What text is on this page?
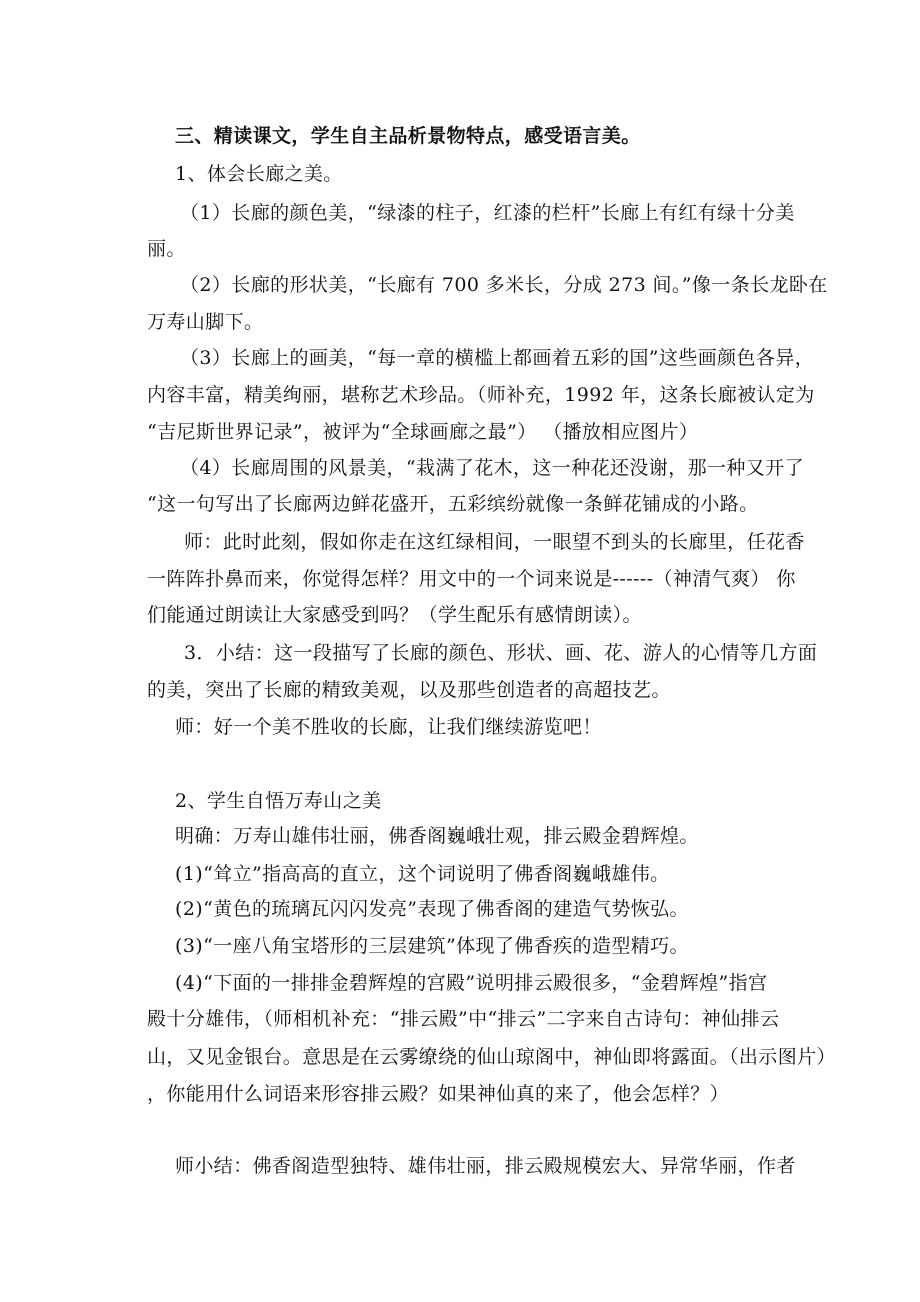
三、精读课文，学生自主品析景物特点，感受语言美。
1、体会长廊之美。
（1）长廊的颜色美，“绿漆的柱子，红漆的栏杆”长廊上有红有绿十分美
丽。
（2）长廊的形状美，“长廊有 700 多米长，分成 273 间。”像一条长龙卧在
万寿山脚下。
（3）长廊上的画美，“每一章的横槛上都画着五彩的国”这些画颜色各异，
内容丰富，精美绚丽，堪称艺术珍品。（师补充，1992 年，这条长廊被认定为
“吉尼斯世界记录”，被评为“全球画廊之最”） （播放相应图片）
（4）长廊周围的风景美，“栽满了花木，这一种花还没谢，那一种又开了
“这一句写出了长廊两边鲜花盛开，五彩缤纷就像一条鲜花铺成的小路。
师：此时此刻，假如你走在这红绿相间，一眼望不到头的长廊里，任花香
一阵阵扑鼻而来，你觉得怎样？用文中的一个词来说是------（神清气爽） 你
们能通过朗读让大家感受到吗？（学生配乐有感情朗读）。
3．小结：这一段描写了长廊的颜色、形状、画、花、游人的心情等几方面
的美，突出了长廊的精致美观，以及那些创造者的高超技艺。
师：好一个美不胜收的长廊，让我们继续游览吧！
2、学生自悟万寿山之美
明确：万寿山雄伟壮丽，佛香阁巍峨壮观，排云殿金碧辉煌。
(1)“耸立”指高高的直立，这个词说明了佛香阁巍峨雄伟。
(2)“黄色的琉璃瓦闪闪发亮”表现了佛香阁的建造气势恢弘。
(3)“一座八角宝塔形的三层建筑”体现了佛香疾的造型精巧。
(4)“下面的一排排金碧辉煌的宫殿”说明排云殿很多，“金碧辉煌”指宫
殿十分雄伟，（师相机补充：“排云殿”中“排云”二字来自古诗句：神仙排云
山，又见金银台。意思是在云雾缭绕的仙山琼阁中，神仙即将露面。（出示图片）
，你能用什么词语来形容排云殿？如果神仙真的来了，他会怎样？）
师小结：佛香阁造型独特、雄伟壮丽，排云殿规模宏大、异常华丽，作者
